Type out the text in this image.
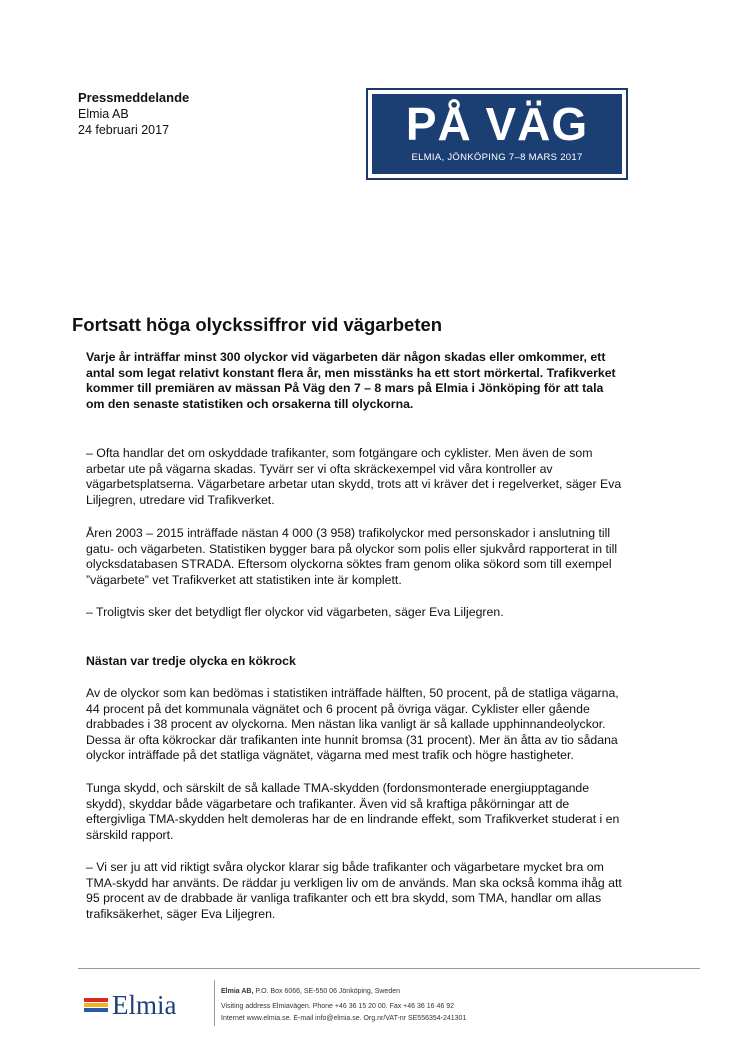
Pressmeddelande
Elmia AB
24 februari 2017	PÅ VÄG
ELMIA, JÖNKÖPING 7–8 MARS 2017
Fortsatt höga olyckssiffror vid vägarbeten
Varje år inträffar minst 300 olyckor vid vägarbeten där någon skadas eller omkommer, ett
antal som legat relativt konstant flera år, men misstänks ha ett stort mörkertal. Trafikverket
kommer till premiären av mässan På Väg den 7 – 8 mars på Elmia i Jönköping för att tala
om den senaste statistiken och orsakerna till olyckorna.
– Ofta handlar det om oskyddade trafikanter, som fotgängare och cyklister. Men även de som
arbetar ute på vägarna skadas. Tyvärr ser vi ofta skräckexempel vid våra kontroller av
vägarbetsplatserna. Vägarbetare arbetar utan skydd, trots att vi kräver det i regelverket, säger Eva
Liljegren, utredare vid Trafikverket.
Åren 2003 – 2015 inträffade nästan 4 000 (3 958) trafikolyckor med personskador i anslutning till
gatu- och vägarbeten. Statistiken bygger bara på olyckor som polis eller sjukvård rapporterat in till
olycksdatabasen STRADA. Eftersom olyckorna söktes fram genom olika sökord som till exempel
”vägarbete” vet Trafikverket att statistiken inte är komplett.
– Troligtvis sker det betydligt fler olyckor vid vägarbeten, säger Eva Liljegren.
Nästan var tredje olycka en kökrock
Av de olyckor som kan bedömas i statistiken inträffade hälften, 50 procent, på de statliga vägarna,
44 procent på det kommunala vägnätet och 6 procent på övriga vägar. Cyklister eller gående
drabbades i 38 procent av olyckorna. Men nästan lika vanligt är så kallade upphinnandeolyckor.
Dessa är ofta kökrockar där trafikanten inte hunnit bromsa (31 procent). Mer än åtta av tio sådana
olyckor inträffade på det statliga vägnätet, vägarna med mest trafik och högre hastigheter.
Tunga skydd, och särskilt de så kallade TMA-skydden (fordonsmonterade energiupptagande
skydd), skyddar både vägarbetare och trafikanter. Även vid så kraftiga påkörningar att de
eftergivliga TMA-skydden helt demoleras har de en lindrande effekt, som Trafikverket studerat i en
särskild rapport.
– Vi ser ju att vid riktigt svåra olyckor klarar sig både trafikanter och vägarbetare mycket bra om
TMA-skydd har använts. De räddar ju verkligen liv om de används. Man ska också komma ihåg att
95 procent av de drabbade är vanliga trafikanter och ett bra skydd, som TMA, handlar om allas
trafiksäkerhet, säger Eva Liljegren.
Elmia	Elmia AB, P.O. Box 6066, SE-550 06 Jönköping, Sweden
Visiting address Elmiavägen. Phone +46 36 15 20 00. Fax +46 36 16 46 92
Internet www.elmia.se. E-mail info@elmia.se. Org.nr/VAT-nr SE556354-241301
